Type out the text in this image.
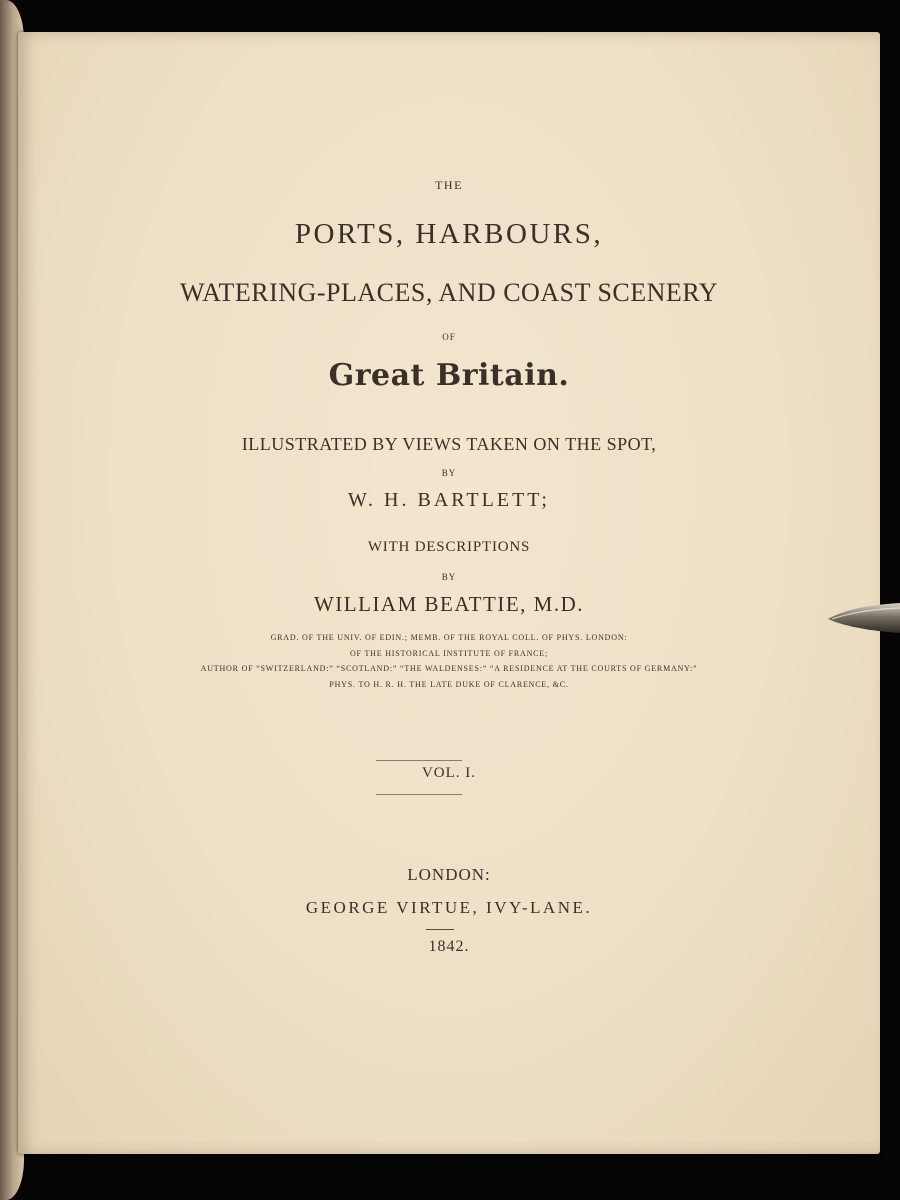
THE
PORTS, HARBOURS,
WATERING-PLACES, AND COAST SCENERY
OF
Great Britain.
ILLUSTRATED BY VIEWS TAKEN ON THE SPOT,
BY
W. H. BARTLETT;
WITH DESCRIPTIONS
BY
WILLIAM BEATTIE, M.D.
GRAD. OF THE UNIV. OF EDIN.; MEMB. OF THE ROYAL COLL. OF PHYS. LONDON:
OF THE HISTORICAL INSTITUTE OF FRANCE;
AUTHOR OF “SWITZERLAND:” “SCOTLAND:” “THE WALDENSES:” “A RESIDENCE AT THE COURTS OF GERMANY:”
PHYS. TO H. R. H. THE LATE DUKE OF CLARENCE, &C.
VOL. I.
LONDON:
GEORGE VIRTUE, IVY-LANE.
1842.
